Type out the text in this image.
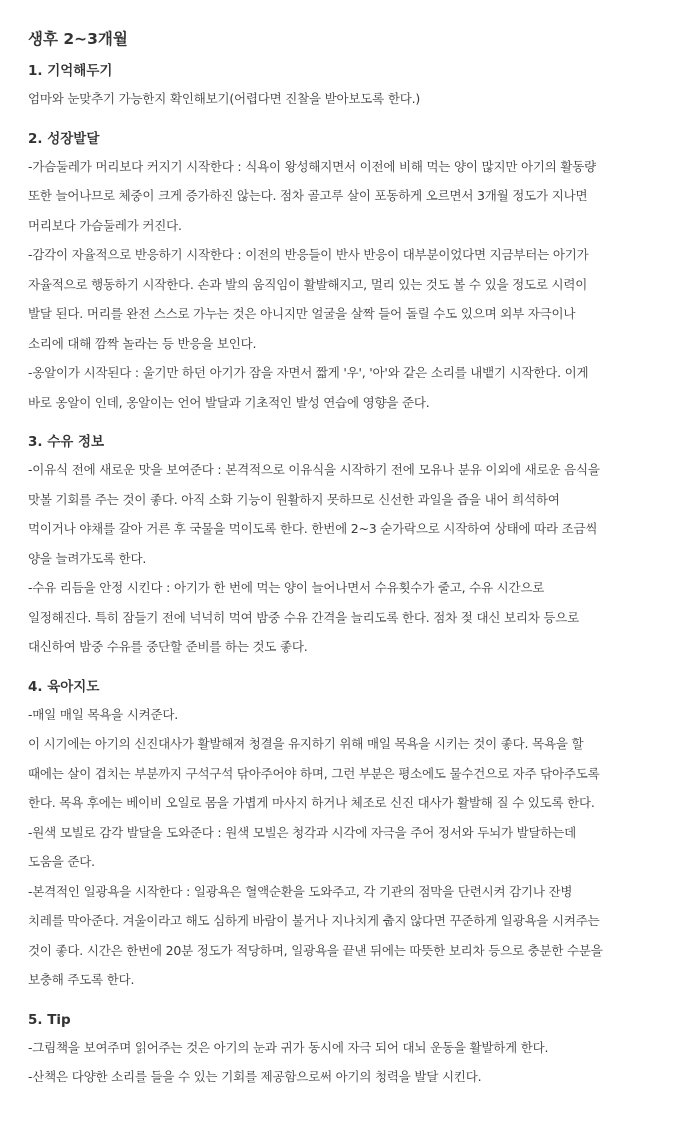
생후 2~3개월
1. 기억해두기

엄마와 눈맞추기 가능한지 확인해보기(어렵다면 진찰을 받아보도록 한다.)

2. 성장발달

-가슴둘레가 머리보다 커지기 시작한다 : 식욕이 왕성해지면서 이전에 비해 먹는 양이 많지만 아기의 활동량

또한 늘어나므로 체중이 크게 증가하진 않는다. 점차 골고루 살이 포동하게 오르면서 3개월 정도가 지나면

머리보다 가슴둘레가 커진다.

-감각이 자율적으로 반응하기 시작한다 : 이전의 반응들이 반사 반응이 대부분이었다면 지금부터는 아기가

자율적으로 행동하기 시작한다. 손과 발의 움직임이 활발해지고, 멀리 있는 것도 볼 수 있을 정도로 시력이

발달 된다. 머리를 완전 스스로 가누는 것은 아니지만 얼굴을 살짝 들어 돌릴 수도 있으며 외부 자극이나

소리에 대해 깜짝 놀라는 등 반응을 보인다.

-옹알이가 시작된다 : 울기만 하던 아기가 잠을 자면서 짧게 '우', '아'와 같은 소리를 내뱉기 시작한다. 이게

바로 옹알이 인데, 옹알이는 언어 발달과 기초적인 발성 연습에 영향을 준다.

3. 수유 정보

-이유식 전에 새로운 맛을 보여준다 : 본격적으로 이유식을 시작하기 전에 모유나 분유 이외에 새로운 음식을

맛볼 기회를 주는 것이 좋다. 아직 소화 기능이 원활하지 못하므로 신선한 과일을 즙을 내어 희석하여

먹이거나 야채를 갈아 거른 후 국물을 먹이도록 한다. 한번에 2~3 숟가락으로 시작하여 상태에 따라 조금씩

양을 늘려가도록 한다.

-수유 리듬을 안정 시킨다 : 아기가 한 번에 먹는 양이 늘어나면서 수유횟수가 줄고, 수유 시간으로

일정해진다. 특히 잠들기 전에 넉넉히 먹여 밤중 수유 간격을 늘리도록 한다. 점차 젖 대신 보리차 등으로

대신하여 밤중 수유를 중단할 준비를 하는 것도 좋다.

4. 육아지도

-매일 매일 목욕을 시켜준다.

이 시기에는 아기의 신진대사가 활발해져 청결을 유지하기 위해 매일 목욕을 시키는 것이 좋다. 목욕을 할

때에는 살이 겹치는 부분까지 구석구석 닦아주어야 하며, 그런 부분은 평소에도 물수건으로 자주 닦아주도록

한다. 목욕 후에는 베이비 오일로 몸을 가볍게 마사지 하거나 체조로 신진 대사가 활발해 질 수 있도록 한다.

-원색 모빌로 감각 발달을 도와준다 : 원색 모빌은 청각과 시각에 자극을 주어 정서와 두뇌가 발달하는데

도움을 준다.

-본격적인 일광욕을 시작한다 : 일광욕은 혈액순환을 도와주고, 각 기관의 점막을 단련시켜 감기나 잔병

치레를 막아준다. 겨울이라고 해도 심하게 바람이 불거나 지나치게 춥지 않다면 꾸준하게 일광욕을 시켜주는

것이 좋다. 시간은 한번에 20분 정도가 적당하며, 일광욕을 끝낸 뒤에는 따뜻한 보리차 등으로 충분한 수분을

보충해 주도록 한다.

5. Tip

-그림책을 보여주며 읽어주는 것은 아기의 눈과 귀가 동시에 자극 되어 대뇌 운동을 활발하게 한다.

-산책은 다양한 소리를 들을 수 있는 기회를 제공함으로써 아기의 청력을 발달 시킨다.
